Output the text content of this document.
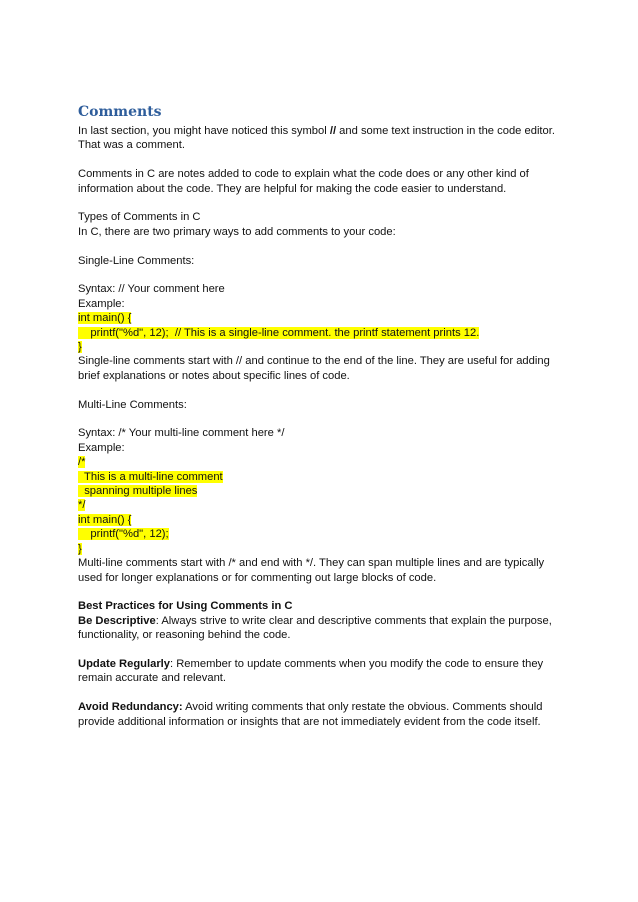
Comments

In last section, you might have noticed this symbol // and some text instruction in the code editor.

That was a comment.

Comments in C are notes added to code to explain what the code does or any other kind of

information about the code. They are helpful for making the code easier to understand.

Types of Comments in C

In C, there are two primary ways to add comments to your code:

Single-Line Comments:

Syntax: // Your comment here

Example:

int main() {
printf("%d", 12);  // This is a single-line comment. the printf statement prints 12.
}

Single-line comments start with // and continue to the end of the line. They are useful for adding

brief explanations or notes about specific lines of code.

Multi-Line Comments:

Syntax: /* Your multi-line comment here */

Example:

/*
This is a multi-line comment
spanning multiple lines
*/
int main() {
printf("%d", 12);
}

Multi-line comments start with /* and end with */. They can span multiple lines and are typically

used for longer explanations or for commenting out large blocks of code.

Best Practices for Using Comments in C

Be Descriptive: Always strive to write clear and descriptive comments that explain the purpose,

functionality, or reasoning behind the code.

Update Regularly: Remember to update comments when you modify the code to ensure they

remain accurate and relevant.

Avoid Redundancy: Avoid writing comments that only restate the obvious. Comments should

provide additional information or insights that are not immediately evident from the code itself.
